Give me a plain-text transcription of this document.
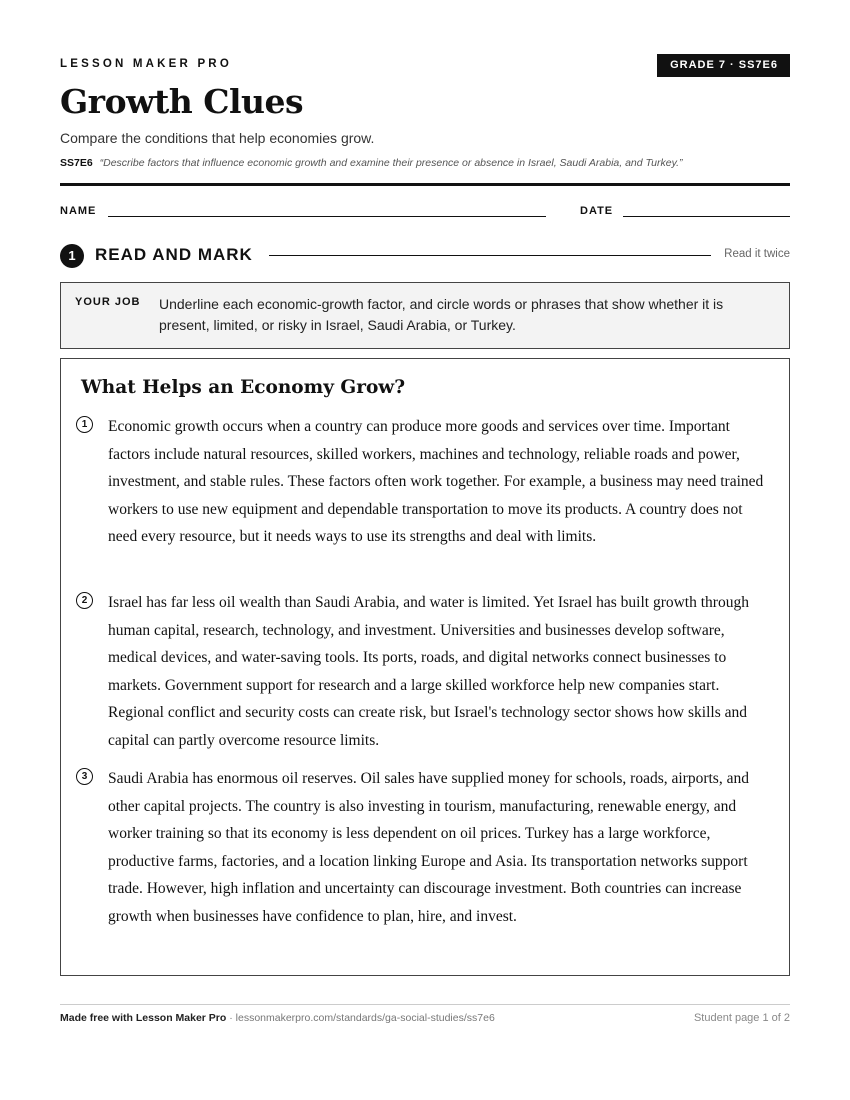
LESSON MAKER PRO	GRADE 7 · SS7E6
Growth Clues
Compare the conditions that help economies grow.
SS7E6 “Describe factors that influence economic growth and examine their presence or absence in Israel, Saudi Arabia, and Turkey.”
NAME	DATE
1	READ AND MARK	Read it twice
YOUR JOB Underline each economic-growth factor, and circle words or phrases that show whether it is present, limited, or risky in Israel, Saudi Arabia, or Turkey.
What Helps an Economy Grow?
1	Economic growth occurs when a country can produce more goods and services over time. Important factors include natural resources, skilled workers, machines and technology, reliable roads and power, investment, and stable rules. These factors often work together. For example, a business may need trained workers to use new equipment and dependable transportation to move its products. A country does not need every resource, but it needs ways to use its strengths and deal with limits.
2	Israel has far less oil wealth than Saudi Arabia, and water is limited. Yet Israel has built growth through human capital, research, technology, and investment. Universities and businesses develop software, medical devices, and water-saving tools. Its ports, roads, and digital networks connect businesses to markets. Government support for research and a large skilled workforce help new companies start. Regional conflict and security costs can create risk, but Israel's technology sector shows how skills and capital can partly overcome resource limits.
3	Saudi Arabia has enormous oil reserves. Oil sales have supplied money for schools, roads, airports, and other capital projects. The country is also investing in tourism, manufacturing, renewable energy, and worker training so that its economy is less dependent on oil prices. Turkey has a large workforce, productive farms, factories, and a location linking Europe and Asia. Its transportation networks support trade. However, high inflation and uncertainty can discourage investment. Both countries can increase growth when businesses have confidence to plan, hire, and invest.
Made free with Lesson Maker Pro · lessonmakerpro.com/standards/ga-social-studies/ss7e6	Student page 1 of 2
